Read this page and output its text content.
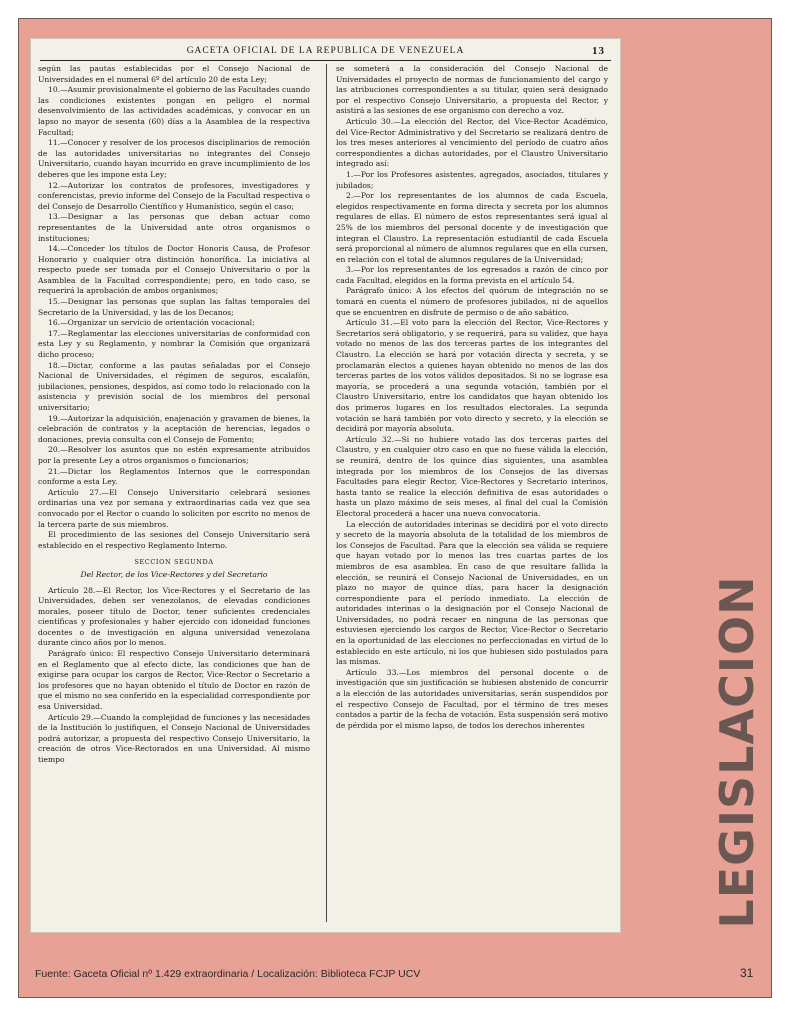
GACETA OFICIAL DE LA REPUBLICA DE VENEZUELA	13

según las pautas establecidas por el Consejo Nacional de Universidades en el numeral 6º del artículo 20 de esta Ley;

10.—Asumir provisionalmente el gobierno de las Facultades cuando las condiciones existentes pongan en peligro el normal desenvolvimiento de las actividades académicas, y convocar en un lapso no mayor de sesenta (60) días a la Asamblea de la respectiva Facultad;

11.—Conocer y resolver de los procesos disciplinarios de remoción de las autoridades universitarias no integrantes del Consejo Universitario, cuando hayan incurrido en grave incumplimiento de los deberes que les impone esta Ley;

12.—Autorizar los contratos de profesores, investigadores y conferencistas, previo informe del Consejo de la Facultad respectiva o del Consejo de Desarrollo Científico y Humanístico, según el caso;

13.—Designar a las personas que deban actuar como representantes de la Universidad ante otros organismos o instituciones;

14.—Conceder los títulos de Doctor Honoris Causa, de Profesor Honorario y cualquier otra distinción honorífica. La iniciativa al respecto puede ser tomada por el Consejo Universitario o por la Asamblea de la Facultad correspondiente; pero, en todo caso, se requerirá la aprobación de ambos organismos;

15.—Designar las personas que suplan las faltas temporales del Secretario de la Universidad, y las de los Decanos;

16.—Organizar un servicio de orientación vocacional;

17.—Reglamentar las elecciones universitarias de conformidad con esta Ley y su Reglamento, y nombrar la Comisión que organizará dicho proceso;

18.—Dictar, conforme a las pautas señaladas por el Consejo Nacional de Universidades, el régimen de seguros, escalafón, jubilaciones, pensiones, despidos, así como todo lo relacionado con la asistencia y previsión social de los miembros del personal universitario;

19.—Autorizar la adquisición, enajenación y gravamen de bienes, la celebración de contratos y la aceptación de herencias, legados o donaciones, previa consulta con el Consejo de Fomento;

20.—Resolver los asuntos que no estén expresamente atribuidos por la presente Ley a otros organismos o funcionarios;

21.—Dictar los Reglamentos Internos que le correspondan conforme a esta Ley.

Artículo 27.—El Consejo Universitario celebrará sesiones ordinarias una vez por semana y extraordinarias cada vez que sea convocado por el Rector o cuando lo soliciten por escrito no menos de la tercera parte de sus miembros.

El procedimiento de las sesiones del Consejo Universitario será establecido en el respectivo Reglamento Interno.

SECCION SEGUNDA

Del Rector, de los Vice-Rectores y del Secretario

Artículo 28.—El Rector, los Vice-Rectores y el Secretario de las Universidades, deben ser venezolanos, de elevadas condiciones morales, poseer título de Doctor, tener suficientes credenciales científicas y profesionales y haber ejercido con idoneidad funciones docentes o de investigación en alguna universidad venezolana durante cinco años por lo menos.

Parágrafo único: El respectivo Consejo Universitario determinará en el Reglamento que al efecto dicte, las condiciones que han de exigirse para ocupar los cargos de Rector, Vice-Rector o Secretario a los profesores que no hayan obtenido el título de Doctor en razón de que el mismo no sea conferido en la especialidad correspondiente por esa Universidad.

Artículo 29.—Cuando la complejidad de funciones y las necesidades de la Institución lo justifiquen, el Consejo Nacional de Universidades podrá autorizar, a propuesta del respectivo Consejo Universitario, la creación de otros Vice-Rectorados en una Universidad. Al mismo tiempo

se someterá a la consideración del Consejo Nacional de Universidades el proyecto de normas de funcionamiento del cargo y las atribuciones correspondientes a su titular, quien será designado por el respectivo Consejo Universitario, a propuesta del Rector, y asistirá a las sesiones de ese organismo con derecho a voz.

Artículo 30.—La elección del Rector, del Vice-Rector Académico, del Vice-Rector Administrativo y del Secretario se realizará dentro de los tres meses anteriores al vencimiento del período de cuatro años correspondientes a dichas autoridades, por el Claustro Universitario integrado así:

1.—Por los Profesores asistentes, agregados, asociados, titulares y jubilados;

2.—Por los representantes de los alumnos de cada Escuela, elegidos respectivamente en forma directa y secreta por los alumnos regulares de ellas. El número de estos representantes será igual al 25% de los miembros del personal docente y de investigación que integran el Claustro. La representación estudiantil de cada Escuela será proporcional al número de alumnos regulares que en ella cursen, en relación con el total de alumnos regulares de la Universidad;

3.—Por los representantes de los egresados a razón de cinco por cada Facultad, elegidos en la forma prevista en el artículo 54.

Parágrafo único: A los efectos del quórum de integración no se tomará en cuenta el número de profesores jubilados, ni de aquellos que se encuentren en disfrute de permiso o de año sabático.

Artículo 31.—El voto para la elección del Rector, Vice-Rectores y Secretarios será obligatorio, y se requerirá, para su validez, que haya votado no menos de las dos terceras partes de los integrantes del Claustro. La elección se hará por votación directa y secreta, y se proclamarán electos a quienes hayan obtenido no menos de las dos terceras partes de los votos válidos depositados. Si no se lograse esa mayoría, se procederá a una segunda votación, también por el Claustro Universitario, entre los candidatos que hayan obtenido los dos primeros lugares en los resultados electorales. La segunda votación se hará también por voto directo y secreto, y la elección se decidirá por mayoría absoluta.

Artículo 32.—Si no hubiere votado las dos terceras partes del Claustro, y en cualquier otro caso en que no fuese válida la elección, se reunirá, dentro de los quince días siguientes, una asamblea integrada por los miembros de los Consejos de las diversas Facultades para elegir Rector, Vice-Rectores y Secretario interinos, hasta tanto se realice la elección definitiva de esas autoridades o hasta un plazo máximo de seis meses, al final del cual la Comisión Electoral procederá a hacer una nueva convocatoria.

La elección de autoridades interinas se decidirá por el voto directo y secreto de la mayoría absoluta de la totalidad de los miembros de los Consejos de Facultad. Para que la elección sea válida se requiere que hayan votado por lo menos las tres cuartas partes de los miembros de esa asamblea. En caso de que resultare fallida la elección, se reunirá el Consejo Nacional de Universidades, en un plazo no mayor de quince días, para hacer la designación correspondiente para el período inmediato. La elección de autoridades interinas o la designación por el Consejo Nacional de Universidades, no podrá recaer en ninguna de las personas que estuviesen ejerciendo los cargos de Rector, Vice-Rector o Secretario en la oportunidad de las elecciones no perfeccionadas en virtud de lo establecido en este artículo, ni los que hubiesen sido postulados para las mismas.

Artículo 33.—Los miembros del personal docente o de investigación que sin justificación se hubiesen abstenido de concurrir a la elección de las autoridades universitarias, serán suspendidos por el respectivo Consejo de Facultad, por el término de tres meses contados a partir de la fecha de votación. Esta suspensión será motivo de pérdida por el mismo lapso, de todos los derechos inherentes	LEGISLACION
Fuente: Gaceta Oficial nº 1.429 extraordinaria / Localización: Biblioteca FCJP UCV	31
